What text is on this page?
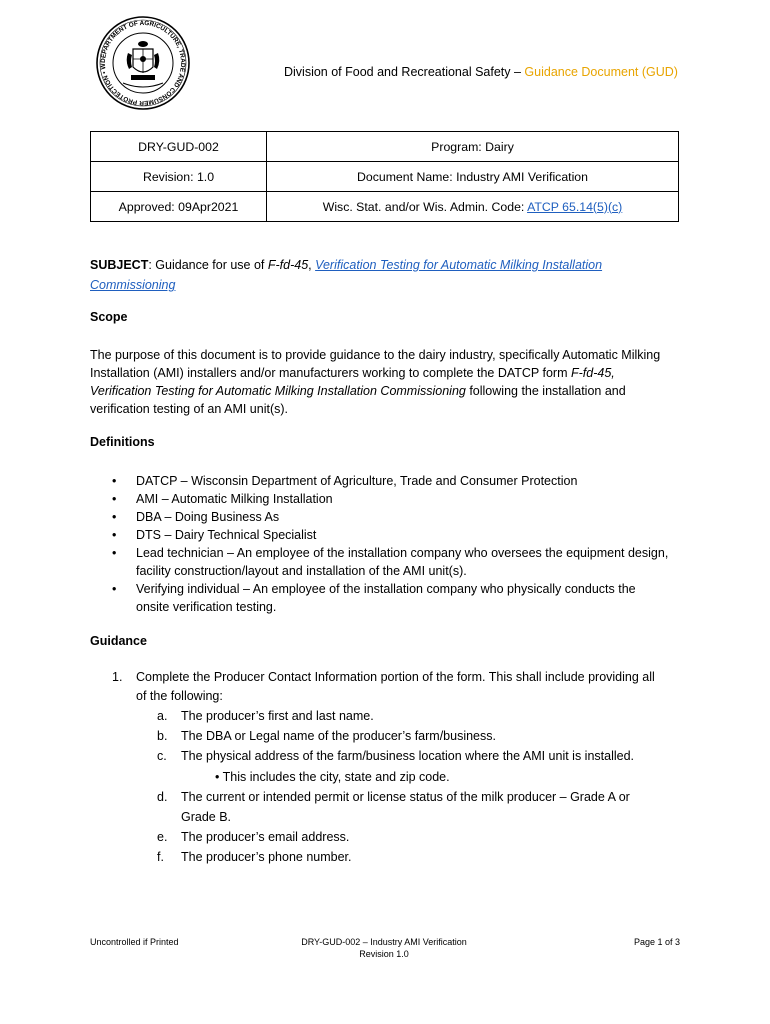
DEPARTMENT OF AGRICULTURE, TRADE AND CONSUMER PROTECTION • W	Division of Food and Recreational Safety – Guidance Document (GUD)
DRY-GUD-002	Program: Dairy
Revision: 1.0	Document Name: Industry AMI Verification
Approved: 09Apr2021	Wisc. Stat. and/or Wis. Admin. Code: ATCP 65.14(5)(c)
SUBJECT: Guidance for use of F-fd-45, Verification Testing for Automatic Milking Installation
Commissioning
Scope
The purpose of this document is to provide guidance to the dairy industry, specifically Automatic Milking
Installation (AMI) installers and/or manufacturers working to complete the DATCP form F-fd-45,
Verification Testing for Automatic Milking Installation Commissioning following the installation and
verification testing of an AMI unit(s).
Definitions
• DATCP – Wisconsin Department of Agriculture, Trade and Consumer Protection
• AMI – Automatic Milking Installation
• DBA – Doing Business As
• DTS – Dairy Technical Specialist
• Lead technician – An employee of the installation company who oversees the equipment design,
facility construction/layout and installation of the AMI unit(s).
• Verifying individual – An employee of the installation company who physically conducts the
onsite verification testing.
Guidance
1. Complete the Producer Contact Information portion of the form. This shall include providing all
of the following:
a. The producer’s first and last name.
b. The DBA or Legal name of the producer’s farm/business.
c. The physical address of the farm/business location where the AMI unit is installed.
• This includes the city, state and zip code.
d. The current or intended permit or license status of the milk producer – Grade A or
Grade B.
e. The producer’s email address.
f. The producer’s phone number.
Uncontrolled if Printed	DRY-GUD-002 – Industry AMI Verification
Revision 1.0
Page 1 of 3
